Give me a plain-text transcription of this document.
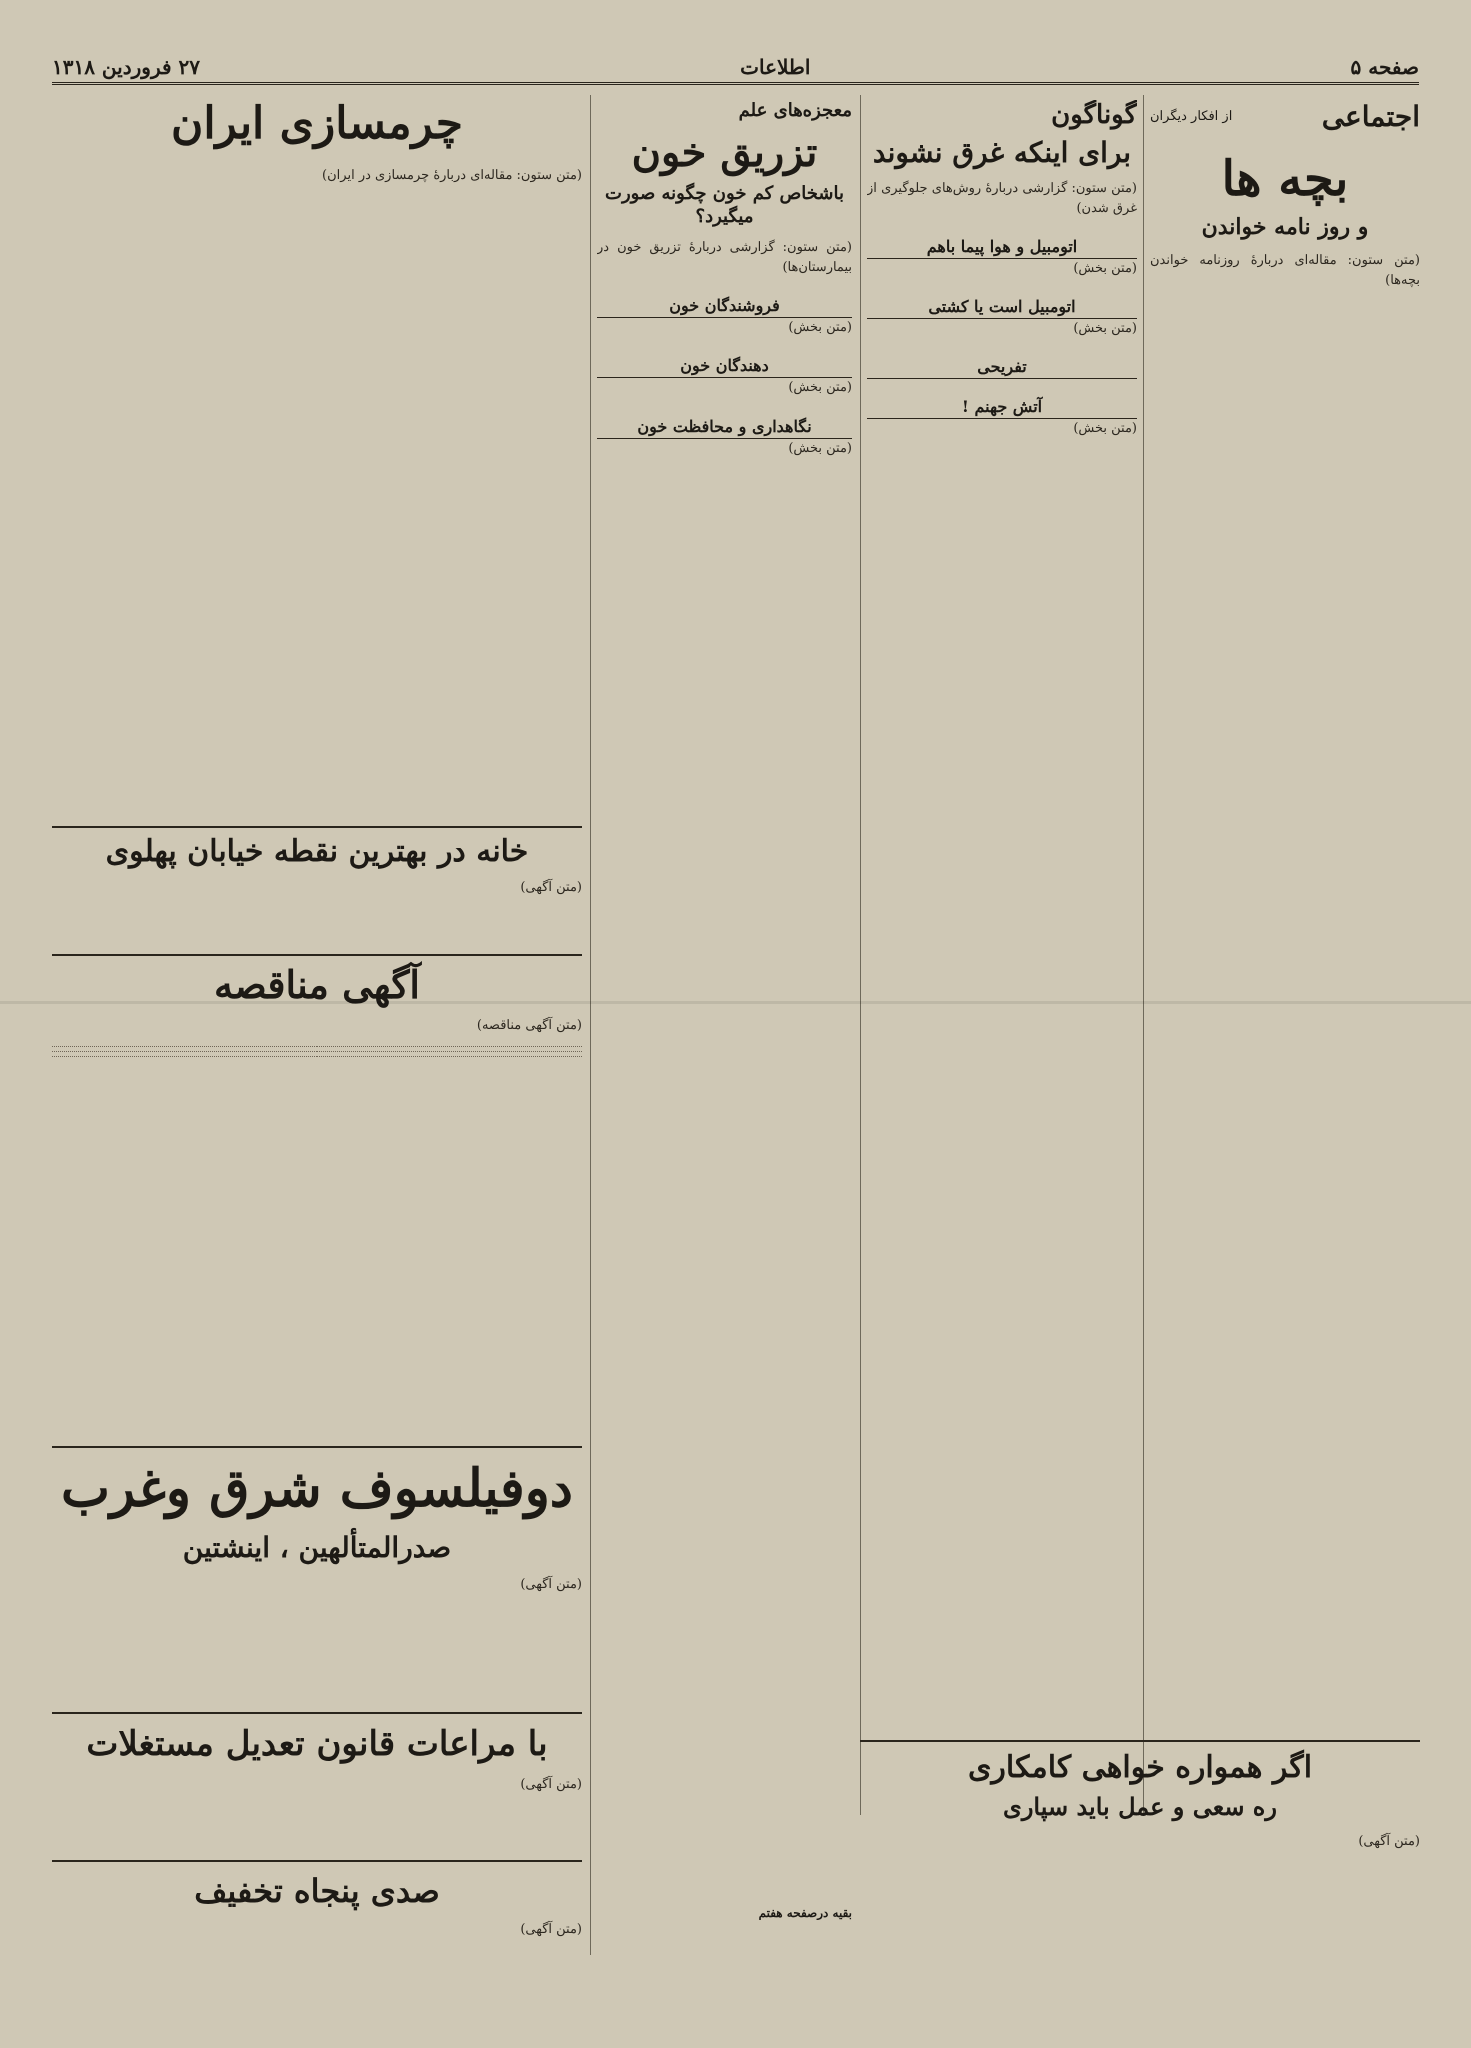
صفحه ۵
اطلاعات
۲۷ فروردین ۱۳۱۸
اجتماعی
از افکار دیگران
بچه ها
و روز نامه خواندن
(متن ستون: مقاله‌ای دربارهٔ روزنامه خواندن بچه‌ها)
گوناگون
برای اینکه غرق نشوند
(متن ستون: گزارشی دربارهٔ روش‌های جلوگیری از غرق شدن)
اتومبیل و هوا پیما باهم
(متن بخش)
اتومبیل است یا کشتی
(متن بخش)
تفریحی
آتش جهنم !
(متن بخش)
معجزه‌های علم
تزریق خون
باشخاص کم خون چگونه صورت میگیرد؟
(متن ستون: گزارشی دربارهٔ تزریق خون در بیمارستان‌ها)
فروشندگان خون
(متن بخش)
دهندگان خون
(متن بخش)
نگاهداری و محافظت خون
(متن بخش)
بقیه درصفحه هفتم
چرمسازی ایران
(متن ستون: مقاله‌ای دربارهٔ چرمسازی در ایران)
خانه در بهترین نقطه خیابان پهلوی
(متن آگهی)
آگهی مناقصه
(متن آگهی مناقصه)

دوفیلسوف شرق وغرب
صدرالمتألهین ، اینشتین
(متن آگهی)
با مراعات قانون تعدیل مستغلات
(متن آگهی)
صدی پنجاه تخفیف
(متن آگهی)
اگر همواره خواهی کامکاری
ره سعی و عمل باید سپاری
(متن آگهی)
